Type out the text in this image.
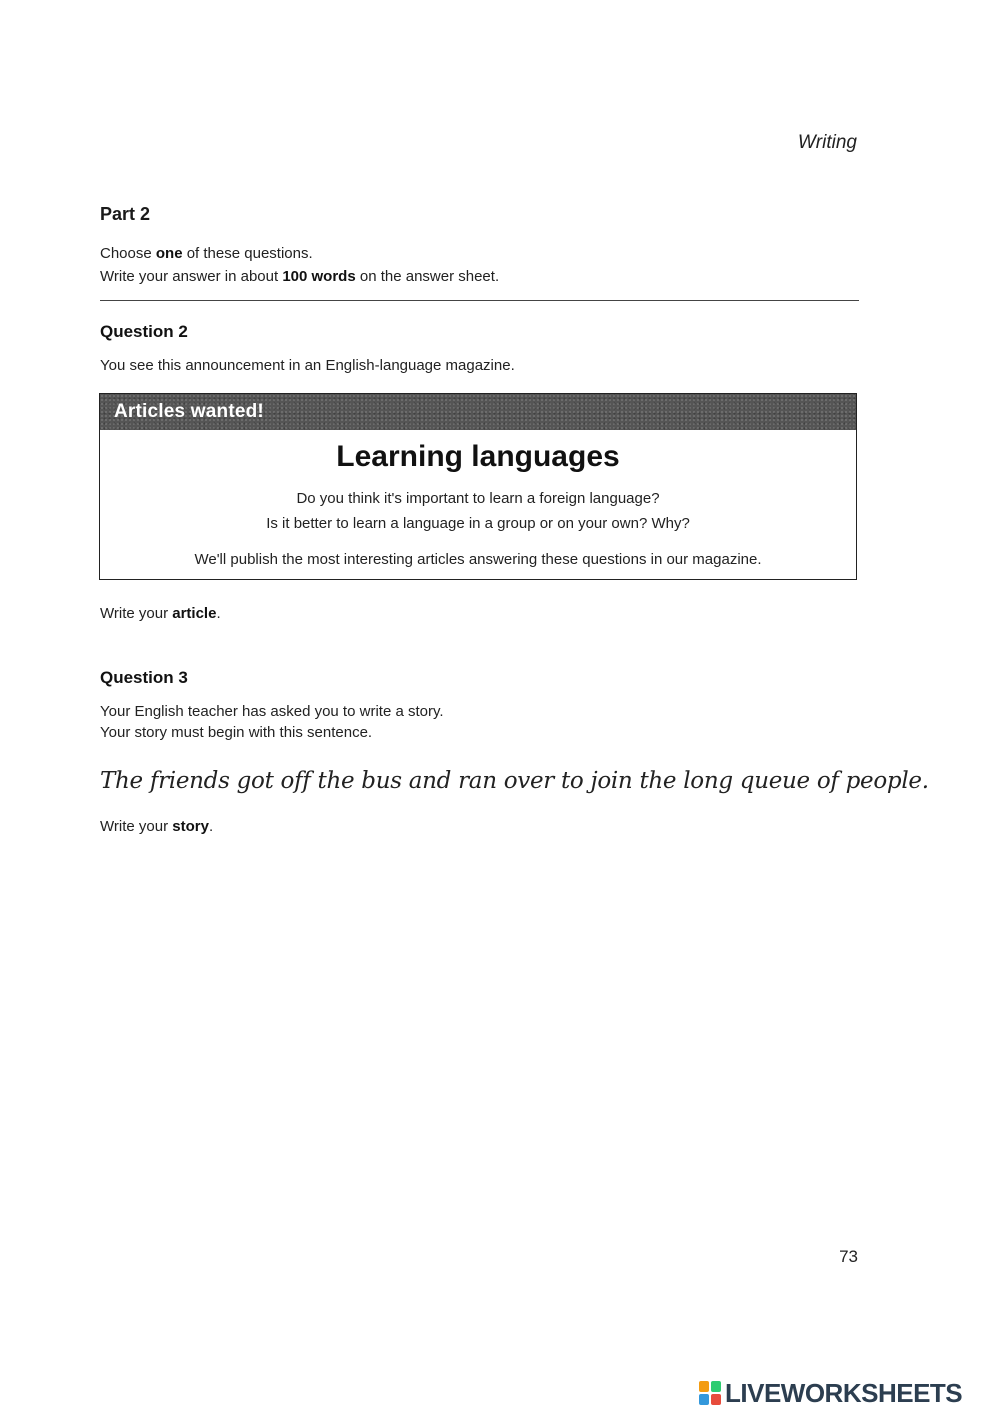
Writing
Part 2
Choose one of these questions.
Write your answer in about 100 words on the answer sheet.
Question 2
You see this announcement in an English-language magazine.
Articles wanted!
Learning languages
Do you think it's important to learn a foreign language?
Is it better to learn a language in a group or on your own? Why?
We'll publish the most interesting articles answering these questions in our magazine.
Write your article.
Question 3
Your English teacher has asked you to write a story.
Your story must begin with this sentence.
The friends got off the bus and ran over to join the long queue of people.
Write your story.
73
LIVEWORKSHEETS
